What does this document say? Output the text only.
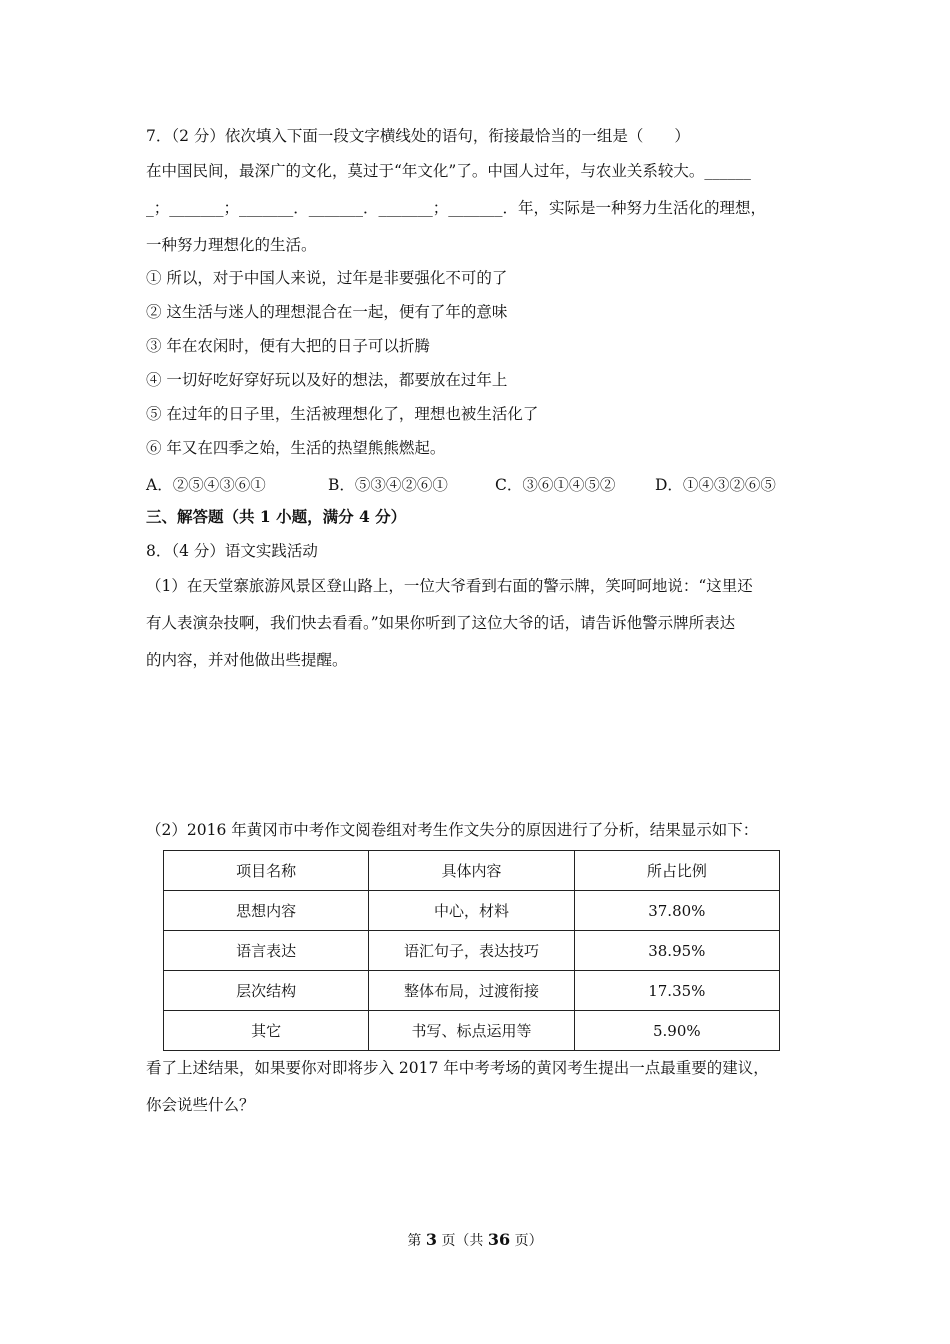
7．（2 分）依次填入下面一段文字横线处的语句，衔接最恰当的一组是（　　）
在中国民间，最深广的文化，莫过于“年文化”了。中国人过年，与农业关系较大。______
_；_______；_______．_______．_______；_______．年，实际是一种努力生活化的理想，
一种努力理想化的生活。
① 所以，对于中国人来说，过年是非要强化不可的了
② 这生活与迷人的理想混合在一起，便有了年的意味
③ 年在农闲时，便有大把的日子可以折腾
④ 一切好吃好穿好玩以及好的想法，都要放在过年上
⑤ 在过年的日子里，生活被理想化了，理想也被生活化了
⑥ 年又在四季之始，生活的热望熊熊燃起。
A．②⑤④③⑥①	B．⑤③④②⑥①	C．③⑥①④⑤②	D．①④③②⑥⑤
三、解答题（共 1 小题，满分 4 分）
8．（4 分）语文实践活动
（1）在天堂寨旅游风景区登山路上，一位大爷看到右面的警示牌，笑呵呵地说：“这里还
有人表演杂技啊，我们快去看看。”如果你听到了这位大爷的话，请告诉他警示牌所表达
的内容，并对他做出些提醒。
（2）2016 年黄冈市中考作文阅卷组对考生作文失分的原因进行了分析，结果显示如下：
项目名称	具体内容	所占比例
思想内容	中心，材料	37.80%
语言表达	语汇句子，表达技巧	38.95%
层次结构	整体布局，过渡衔接	17.35%
其它	书写、标点运用等	5.90%
看了上述结果，如果要你对即将步入 2017 年中考考场的黄冈考生提出一点最重要的建议，
你会说些什么？
第 3 页（共 36 页）
